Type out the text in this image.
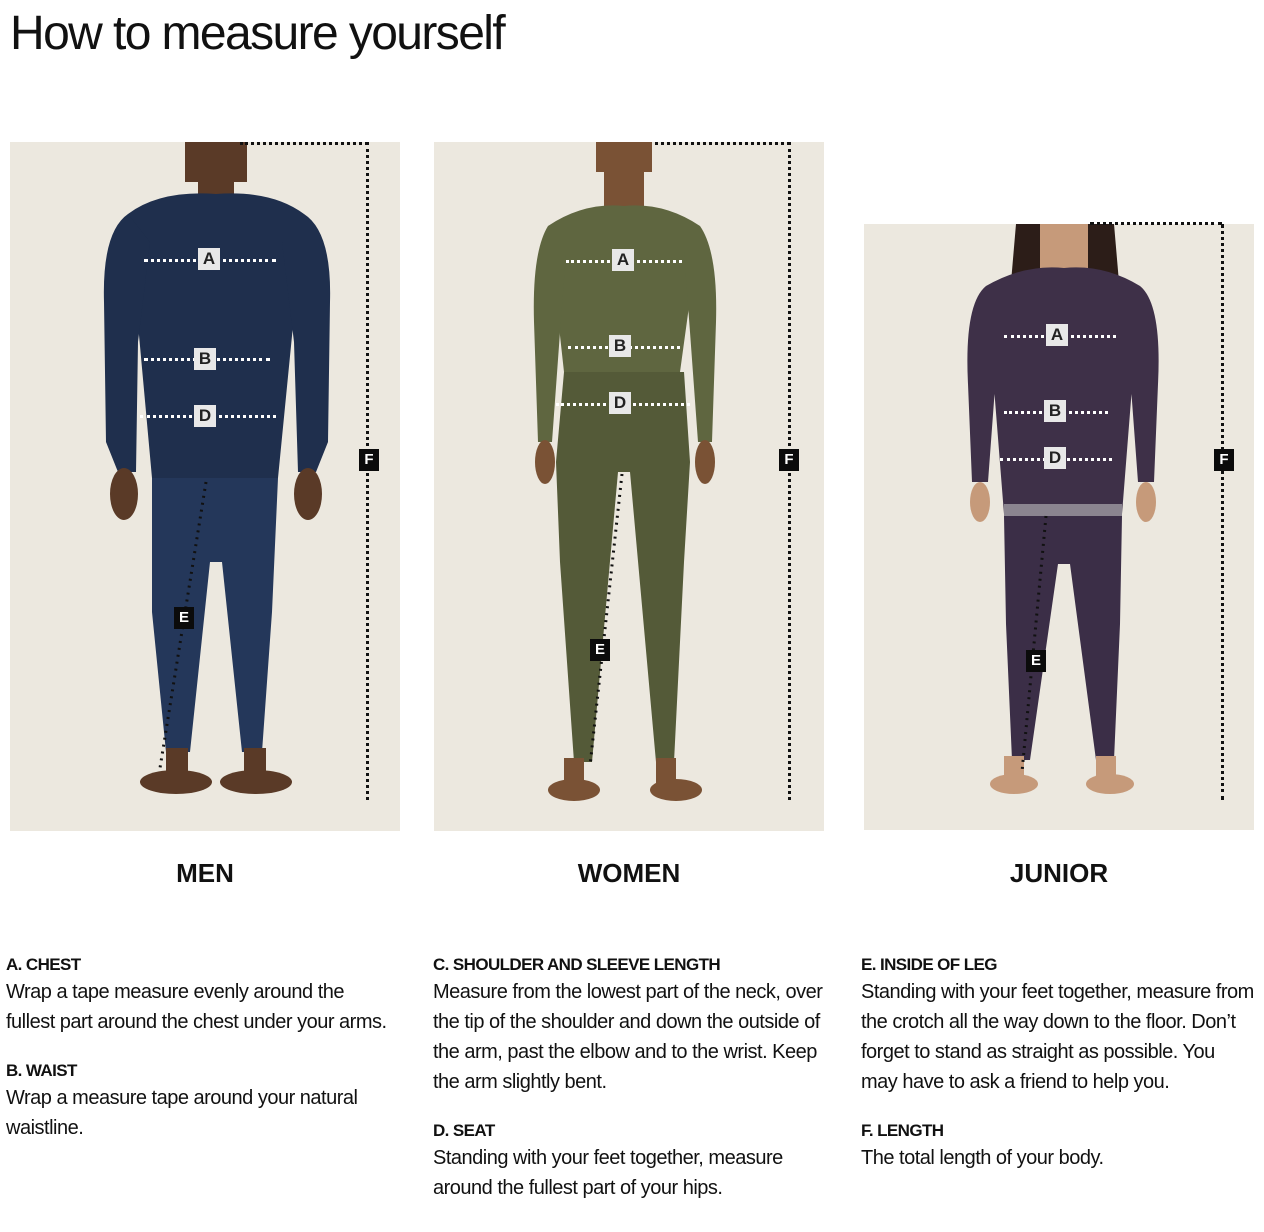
How to measure yourself
A
B
D
E
F
MEN
A
B
D
E
F
WOMEN
A
B
D
E
F
JUNIOR
A. CHEST

Wrap a tape measure evenly around the fullest part around the chest under your arms.

B. WAIST

Wrap a measure tape around your natural waistline.

C. SHOULDER AND SLEEVE LENGTH

Measure from the lowest part of the neck, over the tip of the shoulder and down the outside of the arm, past the elbow and to the wrist. Keep the arm slightly bent.

D. SEAT

Standing with your feet together, measure around the fullest part of your hips.

E. INSIDE OF LEG

Standing with your feet together, measure from the crotch all the way down to the floor. Don’t forget to stand as straight as possible. You may have to ask a friend to help you.

F. LENGTH

The total length of your body.
